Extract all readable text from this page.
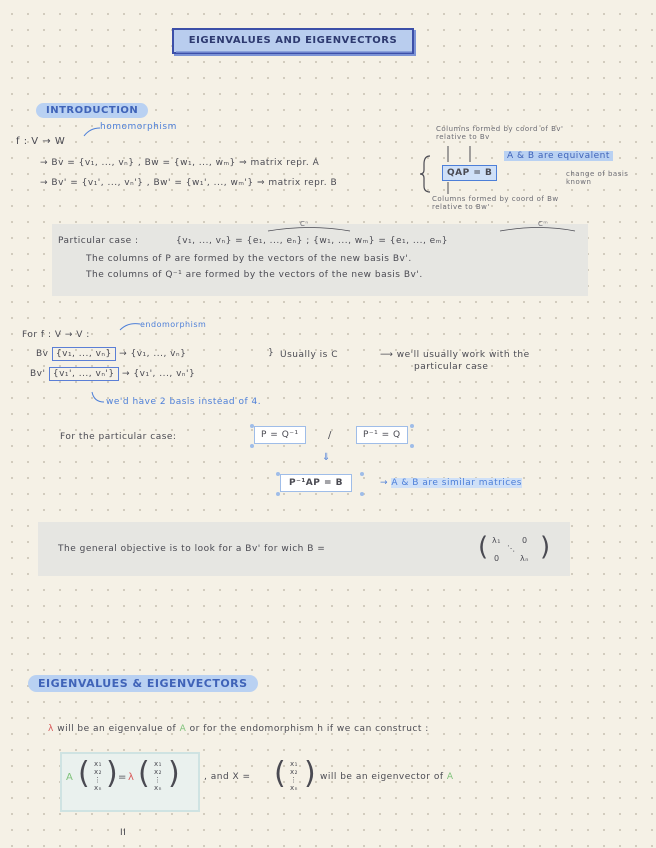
EIGENVALUES AND EIGENVECTORS
INTRODUCTION
homomorphism
f : V → W
→ Bv = {v₁, ..., vₙ} , Bw = {w₁, ..., wₘ} ⇒ matrix repr. A
→ Bv' = {v₁', ..., vₙ'} , Bw' = {w₁', ..., wₘ'} ⇒ matrix repr. B
Columns formed by coord of Bv' relative to Bv
QAP = B
A & B are equivalent
change of basis known
Columns formed by coord of Bw relative to Bw'
Cⁿ	Cᵐ
Particular case :	{v₁, ..., vₙ} = {e₁, ..., eₙ} ; {w₁, ..., wₘ} = {e₁, ..., eₘ}
The columns of P are formed by the vectors of the new basis Bv'.
The columns of Q⁻¹ are formed by the vectors of the new basis Bv'.
For f : V → V :
endomorphism
Bv {v₁, ..., vₙ} → {v₁, ..., vₙ}
Bv' {v₁', ..., vₙ'} → {v₁', ..., vₙ'}
} Usually is C	⟶ we'll usually work with the
particular case
we'd have 2 basis instead of 4.
For the particular case:	P = Q⁻¹	/	P⁻¹ = Q
⇓
P⁻¹AP = B	→ A & B are similar matrices
The general objective is to look for a Bv' for wich B =	( )
λ₁	0
⋱
0	λₙ
EIGENVALUES & EIGENVECTORS
λ will be an eigenvalue of A or for the endomorphism h if we can construct :
A ( x₁
x₂
⋮
xₙ ) = λ ( x₁
x₂
⋮
xₙ )	, and X = ( x₁
x₂
⋮
xₙ ) will be an eigenvector of A
II
